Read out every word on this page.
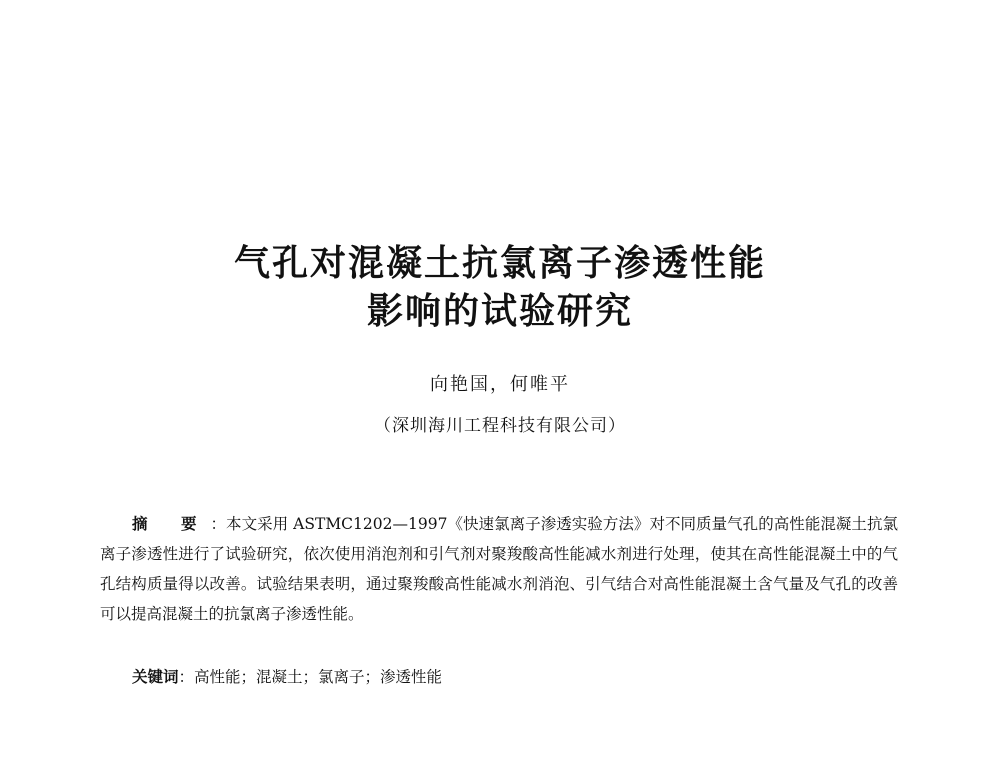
气孔对混凝土抗氯离子渗透性能
影响的试验研究
向艳国，何唯平
（深圳海川工程科技有限公司）
摘 要：本文采用 ASTMC1202—1997《快速氯离子渗透实验方法》对不同质量气孔的高性能混凝土抗氯离子渗透性进行了试验研究，依次使用消泡剂和引气剂对聚羧酸高性能减水剂进行处理，使其在高性能混凝土中的气孔结构质量得以改善。试验结果表明，通过聚羧酸高性能减水剂消泡、引气结合对高性能混凝土含气量及气孔的改善可以提高混凝土的抗氯离子渗透性能。
关键词：高性能；混凝土；氯离子；渗透性能
